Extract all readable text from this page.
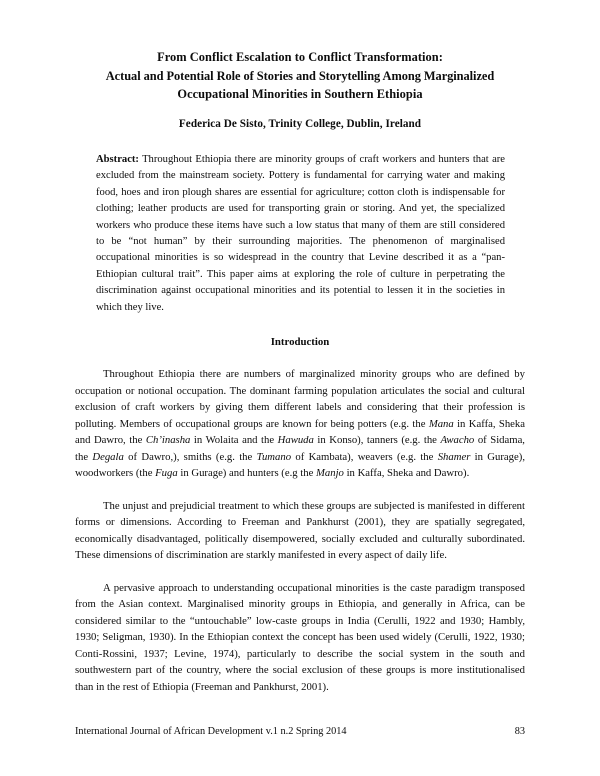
From Conflict Escalation to Conflict Transformation:
Actual and Potential Role of Stories and Storytelling Among Marginalized
Occupational Minorities in Southern Ethiopia
Federica De Sisto, Trinity College, Dublin, Ireland
Abstract: Throughout Ethiopia there are minority groups of craft workers and hunters that are excluded from the mainstream society. Pottery is fundamental for carrying water and making food, hoes and iron plough shares are essential for agriculture; cotton cloth is indispensable for clothing; leather products are used for transporting grain or storing. And yet, the specialized workers who produce these items have such a low status that many of them are still considered to be “not human” by their surrounding majorities. The phenomenon of marginalised occupational minorities is so widespread in the country that Levine described it as a “pan-Ethiopian cultural trait”. This paper aims at exploring the role of culture in perpetrating the discrimination against occupational minorities and its potential to lessen it in the societies in which they live.
Introduction

Throughout Ethiopia there are numbers of marginalized minority groups who are defined by occupation or notional occupation. The dominant farming population articulates the social and cultural exclusion of craft workers by giving them different labels and considering that their profession is polluting. Members of occupational groups are known for being potters (e.g. the Mana in Kaffa, Sheka and Dawro, the Ch’inasha in Wolaita and the Hawuda in Konso), tanners (e.g. the Awacho of Sidama, the Degala of Dawro,), smiths (e.g. the Tumano of Kambata), weavers (e.g. the Shamer in Gurage), woodworkers (the Fuga in Gurage) and hunters (e.g the Manjo in Kaffa, Sheka and Dawro).

The unjust and prejudicial treatment to which these groups are subjected is manifested in different forms or dimensions. According to Freeman and Pankhurst (2001), they are spatially segregated, economically disadvantaged, politically disempowered, socially excluded and culturally subordinated. These dimensions of discrimination are starkly manifested in every aspect of daily life.

A pervasive approach to understanding occupational minorities is the caste paradigm transposed from the Asian context. Marginalised minority groups in Ethiopia, and generally in Africa, can be considered similar to the “untouchable” low-caste groups in India (Cerulli, 1922 and 1930; Hambly, 1930; Seligman, 1930). In the Ethiopian context the concept has been used widely (Cerulli, 1922, 1930; Conti-Rossini, 1937; Levine, 1974), particularly to describe the social system in the south and southwestern part of the country, where the social exclusion of these groups is more institutionalised than in the rest of Ethiopia (Freeman and Pankhurst, 2001).

International Journal of African Development v.1 n.2 Spring 2014	83
